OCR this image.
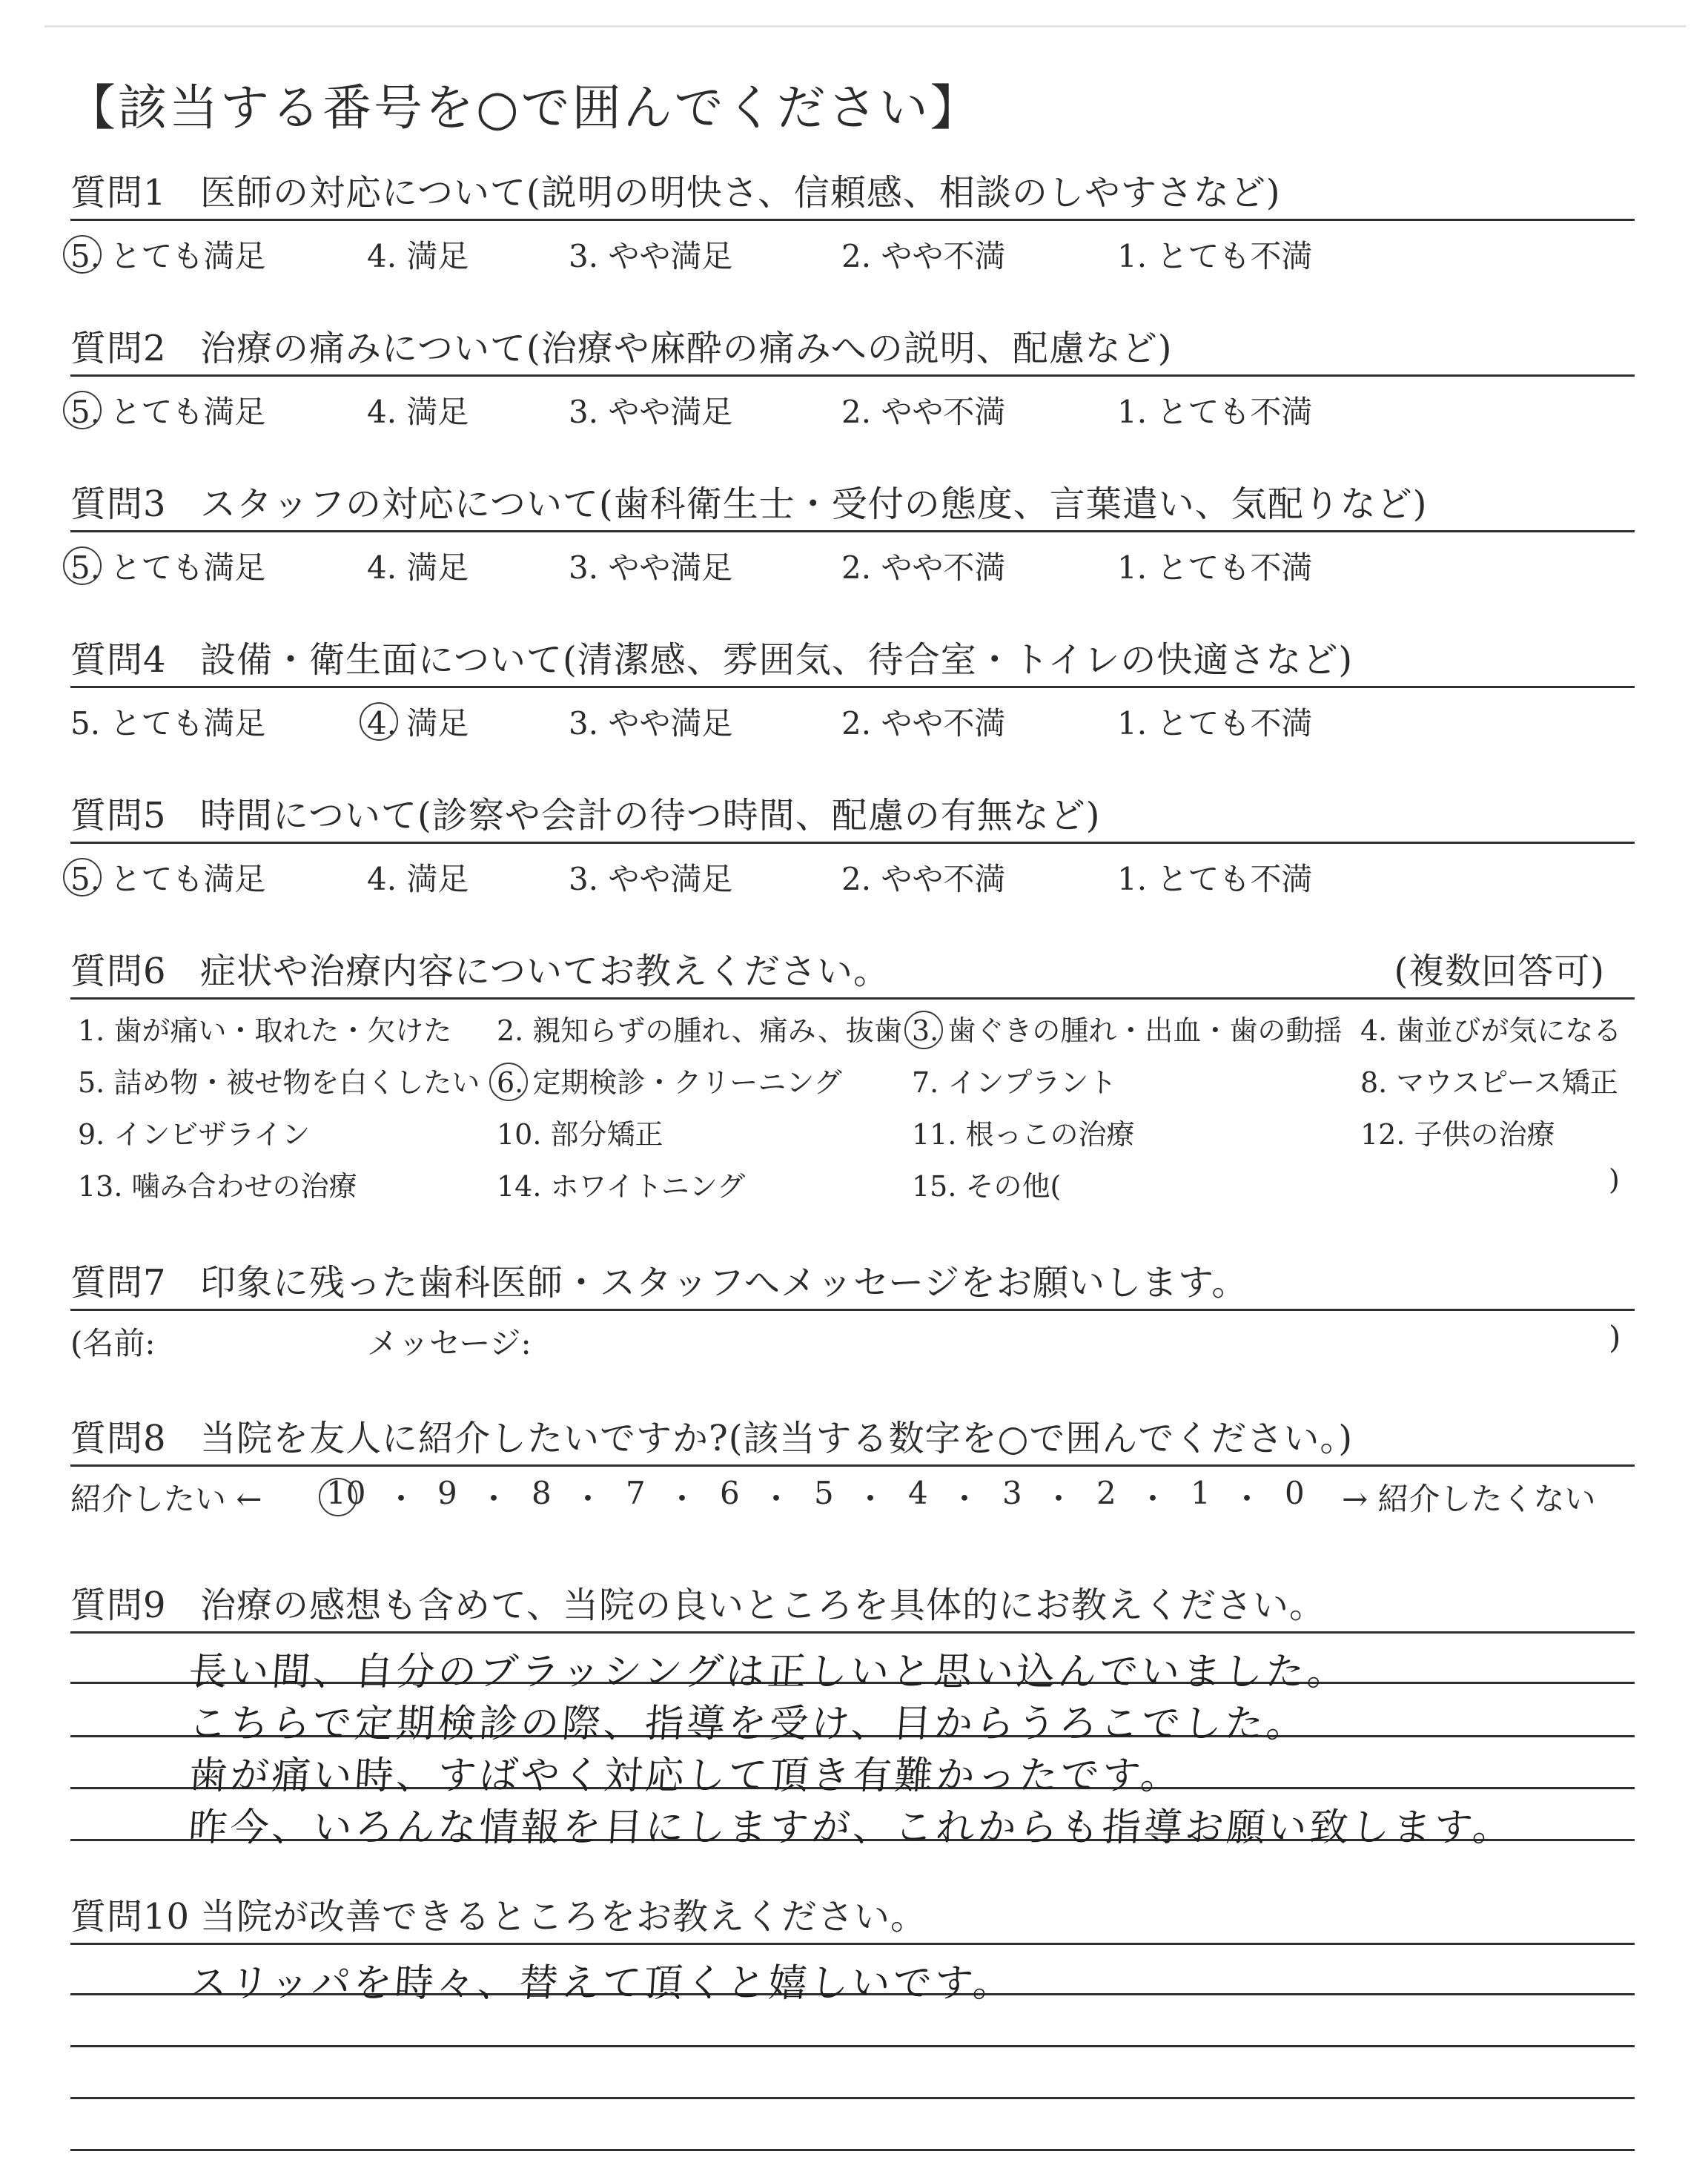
【該当する番号を○で囲んでください】
質問1 医師の対応について(説明の明快さ、信頼感、相談のしやすさなど)
5. とても満足	4. 満足	3. やや満足	2. やや不満	1. とても不満
質問2 治療の痛みについて(治療や麻酔の痛みへの説明、配慮など)
5. とても満足	4. 満足	3. やや満足	2. やや不満	1. とても不満
質問3 スタッフの対応について(歯科衛生士・受付の態度、言葉遣い、気配りなど)
5. とても満足	4. 満足	3. やや満足	2. やや不満	1. とても不満
質問4 設備・衛生面について(清潔感、雰囲気、待合室・トイレの快適さなど)
5. とても満足	4. 満足	3. やや満足	2. やや不満	1. とても不満
質問5 時間について(診察や会計の待つ時間、配慮の有無など)
5. とても満足	4. 満足	3. やや満足	2. やや不満	1. とても不満
質問6 症状や治療内容についてお教えください。	(複数回答可)
1. 歯が痛い・取れた・欠けた 2. 親知らずの腫れ、痛み、抜歯 3. 歯ぐきの腫れ・出血・歯の動揺 4. 歯並びが気になる
5. 詰め物・被せ物を白くしたい 6. 定期検診・クリーニング 7. インプラント	8. マウスピース矯正
9. インビザライン	10. 部分矯正	11. 根っこの治療	12. 子供の治療
13. 噛み合わせの治療	14. ホワイトニング	15. その他(	)
質問7 印象に残った歯科医師・スタッフへメッセージをお願いします。
(名前:	メッセージ:	)
質問8 当院を友人に紹介したいですか?(該当する数字を○で囲んでください。)
紹介したい ← 10 ・ 9 ・ 8 ・ 7 ・ 6 ・ 5 ・ 4 ・ 3 ・ 2 ・ 1 ・ 0 → 紹介したくない
質問9 治療の感想も含めて、当院の良いところを具体的にお教えください。
長い間、自分のブラッシングは正しいと思い込んでいました。
こちらで定期検診の際、指導を受け、目からうろこでした。
歯が痛い時、すばやく対応して頂き有難かったです。
昨今、いろんな情報を目にしますが、これからも指導お願い致します。
質問10 当院が改善できるところをお教えください。
スリッパを時々、替えて頂くと嬉しいです。
